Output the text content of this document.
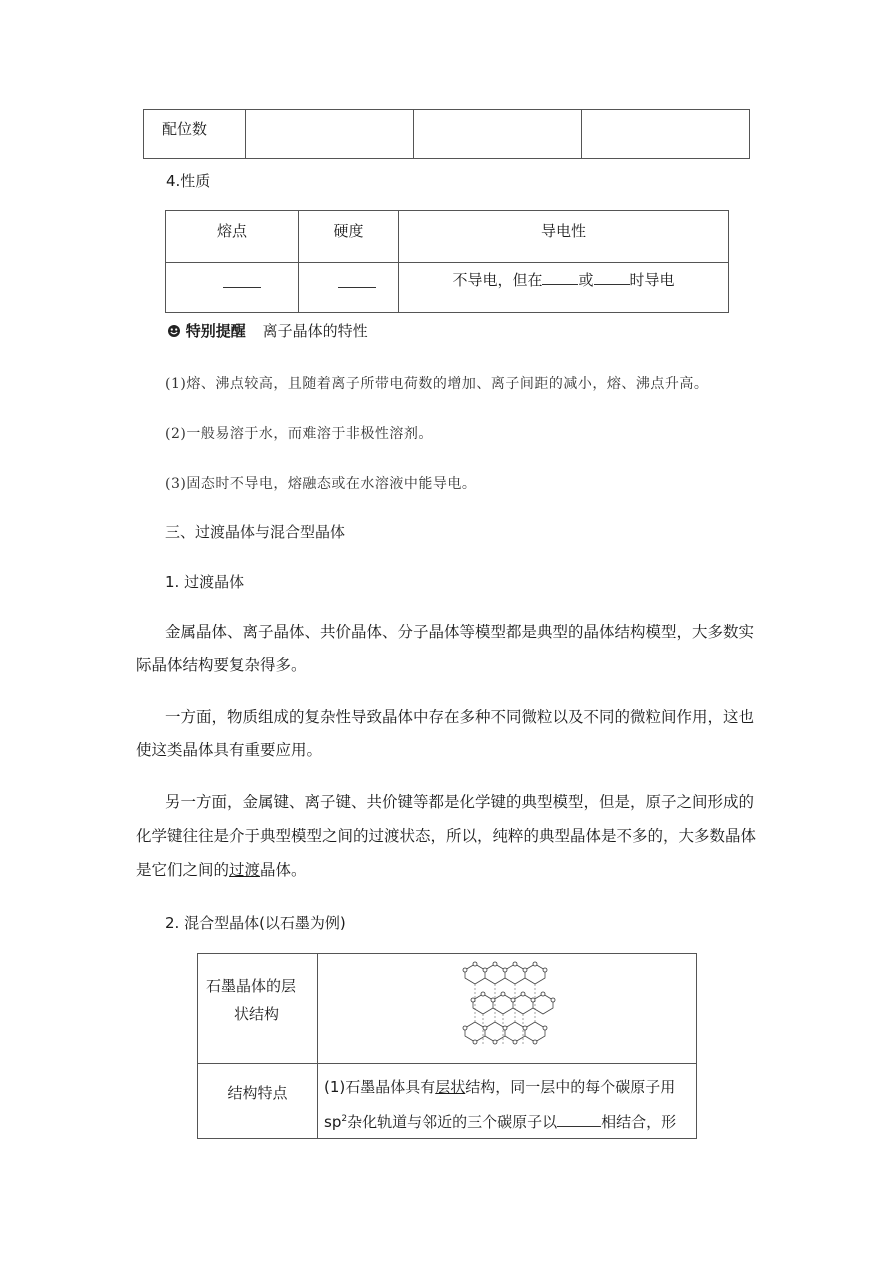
配位数			
4.性质
熔点	硬度	导电性
		不导电，但在 或 时导电
特别提醒 离子晶体的特性
(1)熔、沸点较高，且随着离子所带电荷数的增加、离子间距的减小，熔、沸点升高。
(2)一般易溶于水，而难溶于非极性溶剂。
(3)固态时不导电，熔融态或在水溶液中能导电。
三、过渡晶体与混合型晶体
1. 过渡晶体
金属晶体、离子晶体、共价晶体、分子晶体等模型都是典型的晶体结构模型，大多数实
际晶体结构要复杂得多。
一方面，物质组成的复杂性导致晶体中存在多种不同微粒以及不同的微粒间作用，这也
使这类晶体具有重要应用。
另一方面，金属键、离子键、共价键等都是化学键的典型模型，但是，原子之间形成的
化学键往往是介于典型模型之间的过渡状态，所以，纯粹的典型晶体是不多的，大多数晶体
是它们之间的过渡晶体。
2. 混合型晶体(以石墨为例)
石墨晶体的层
状结构

结构特点	(1)石墨晶体具有层状结构，同一层中的每个碳原子用
$sp^2$杂化轨道与邻近的三个碳原子以 相结合，形
